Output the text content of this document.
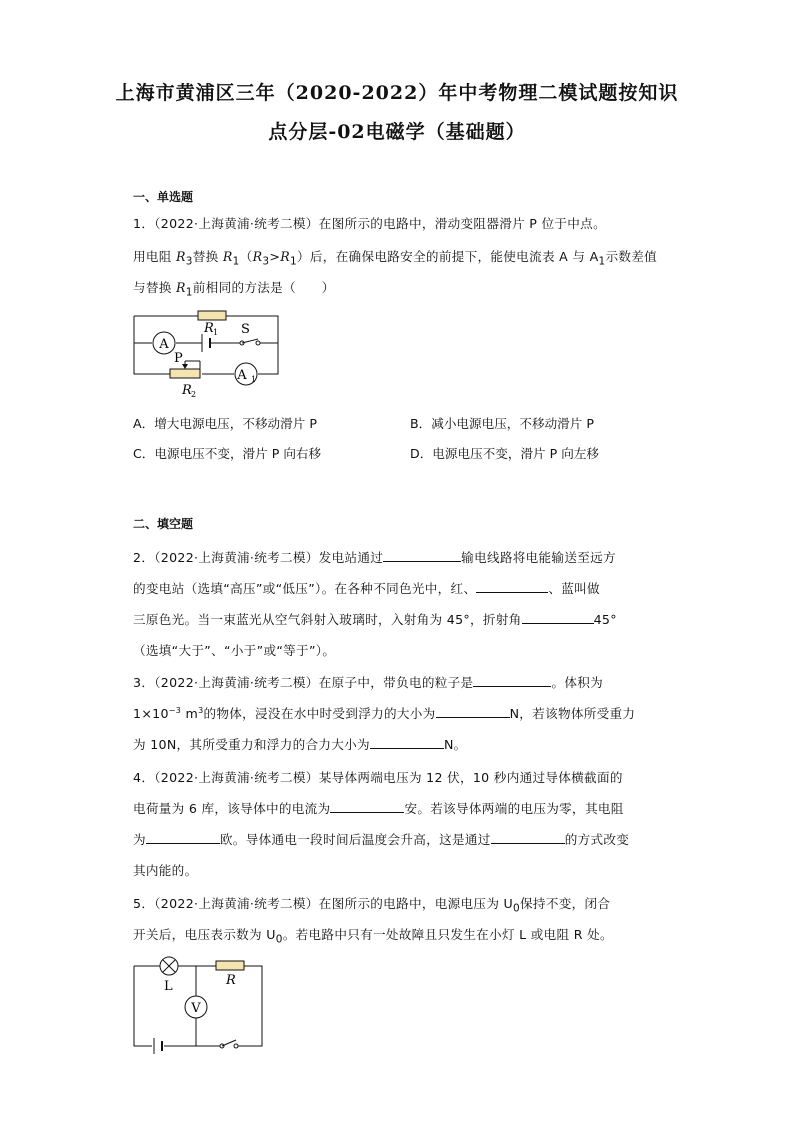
上海市黄浦区三年（2020-2022）年中考物理二模试题按知识
点分层-02电磁学（基础题）
一、单选题
1．（2022·上海黄浦·统考二模）在图所示的电路中，滑动变阻器滑片 P 位于中点。
用电阻 $R_3$替换 $R_1(R_3>R_1)$后，在确保电路安全的前提下，能使电流表 A 与 $A_1$示数差值
与替换 $R_1$前相同的方法是（　　）
A
P
A 1
R 1 S
R 2
A．增大电源电压，不移动滑片 P	B．减小电源电压，不移动滑片 P
C．电源电压不变，滑片 P 向右移	D．电源电压不变，滑片 P 向左移
二、填空题
2．（2022·上海黄浦·统考二模）发电站通过	输电线路将电能输送至远方
的变电站（选填“高压”或“低压”）。在各种不同色光中，红、	、蓝叫做
三原色光。当一束蓝光从空气斜射入玻璃时，入射角为 45°，折射角	45°
（选填“大于”、“小于”或“等于”）。
3．（2022·上海黄浦·统考二模）在原子中，带负电的粒子是	。体积为
$1\times 10^{-3}$ $m^3$的物体，浸没在水中时受到浮力的大小为	N，若该物体所受重力
为 10N，其所受重力和浮力的合力大小为	N。
4．（2022·上海黄浦·统考二模）某导体两端电压为 12 伏，10 秒内通过导体横截面的
电荷量为 6 库，该导体中的电流为	安。若该导体两端的电压为零，其电阻
为	欧。导体通电一段时间后温度会升高，这是通过	的方式改变
其内能的。
5．（2022·上海黄浦·统考二模）在图所示的电路中，电源电压为 $U_0$保持不变，闭合
开关后，电压表示数为 $U_0$。若电路中只有一处故障且只发生在小灯 L 或电阻 R 处。
L	R
V
